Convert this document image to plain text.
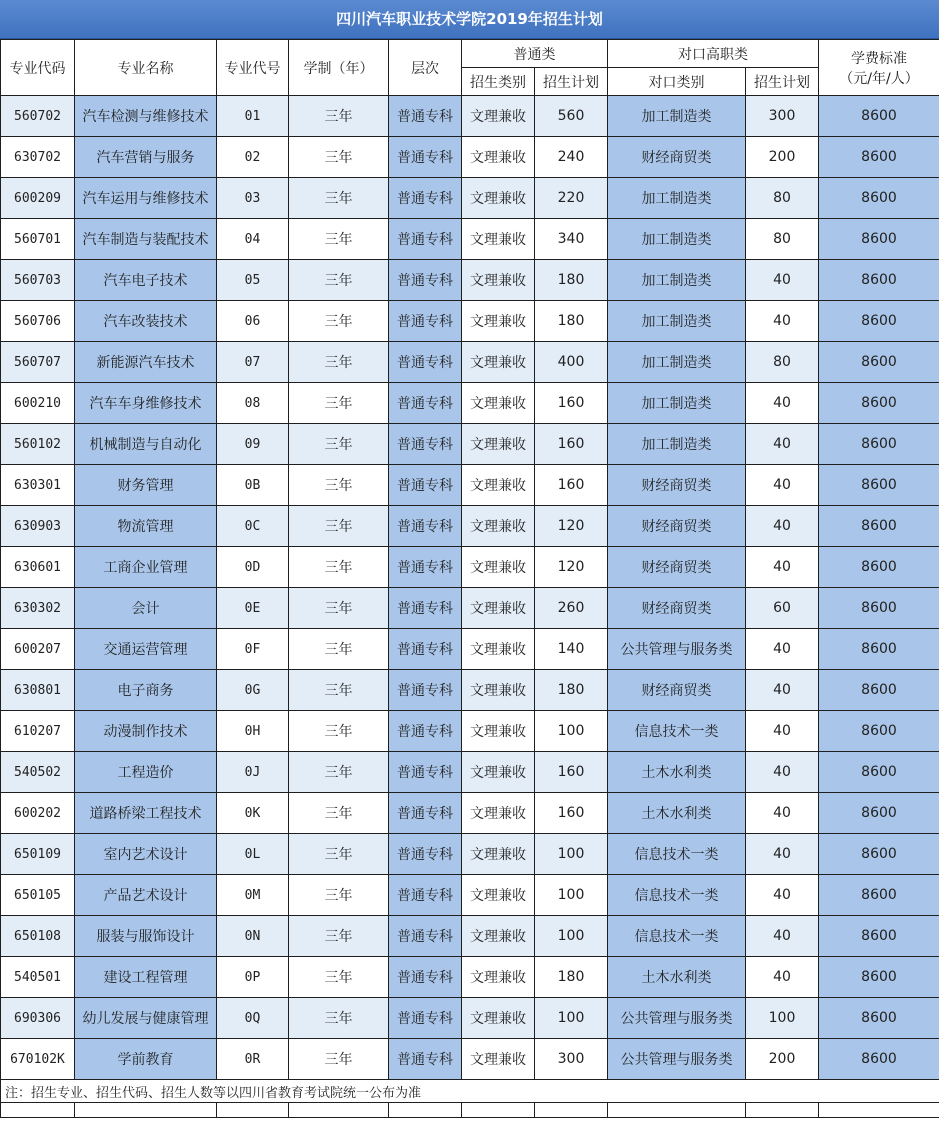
四川汽车职业技术学院2019年招生计划
专业代码	专业名称	专业代号	学制（年）	层次	普通类		对口高职类		学费标准
（元/年/人）

					招生类别	招生计划	对口类别	招生计划	
560702	汽车检测与维修技术	01	三年	普通专科	文理兼收	560	加工制造类	300	8600
630702	汽车营销与服务	02	三年	普通专科	文理兼收	240	财经商贸类	200	8600
600209	汽车运用与维修技术	03	三年	普通专科	文理兼收	220	加工制造类	80	8600
560701	汽车制造与装配技术	04	三年	普通专科	文理兼收	340	加工制造类	80	8600
560703	汽车电子技术	05	三年	普通专科	文理兼收	180	加工制造类	40	8600
560706	汽车改装技术	06	三年	普通专科	文理兼收	180	加工制造类	40	8600
560707	新能源汽车技术	07	三年	普通专科	文理兼收	400	加工制造类	80	8600
600210	汽车车身维修技术	08	三年	普通专科	文理兼收	160	加工制造类	40	8600
560102	机械制造与自动化	09	三年	普通专科	文理兼收	160	加工制造类	40	8600
630301	财务管理	0B	三年	普通专科	文理兼收	160	财经商贸类	40	8600
630903	物流管理	0C	三年	普通专科	文理兼收	120	财经商贸类	40	8600
630601	工商企业管理	0D	三年	普通专科	文理兼收	120	财经商贸类	40	8600
630302	会计	0E	三年	普通专科	文理兼收	260	财经商贸类	60	8600
600207	交通运营管理	0F	三年	普通专科	文理兼收	140	公共管理与服务类	40	8600
630801	电子商务	0G	三年	普通专科	文理兼收	180	财经商贸类	40	8600
610207	动漫制作技术	0H	三年	普通专科	文理兼收	100	信息技术一类	40	8600
540502	工程造价	0J	三年	普通专科	文理兼收	160	土木水利类	40	8600
600202	道路桥梁工程技术	0K	三年	普通专科	文理兼收	160	土木水利类	40	8600
650109	室内艺术设计	0L	三年	普通专科	文理兼收	100	信息技术一类	40	8600
650105	产品艺术设计	0M	三年	普通专科	文理兼收	100	信息技术一类	40	8600
650108	服装与服饰设计	0N	三年	普通专科	文理兼收	100	信息技术一类	40	8600
540501	建设工程管理	0P	三年	普通专科	文理兼收	180	土木水利类	40	8600
690306	幼儿发展与健康管理	0Q	三年	普通专科	文理兼收	100	公共管理与服务类	100	8600
670102K	学前教育	0R	三年	普通专科	文理兼收	300	公共管理与服务类	200	8600
注：招生专业、招生代码、招生人数等以四川省教育考试院统一公布为准									
